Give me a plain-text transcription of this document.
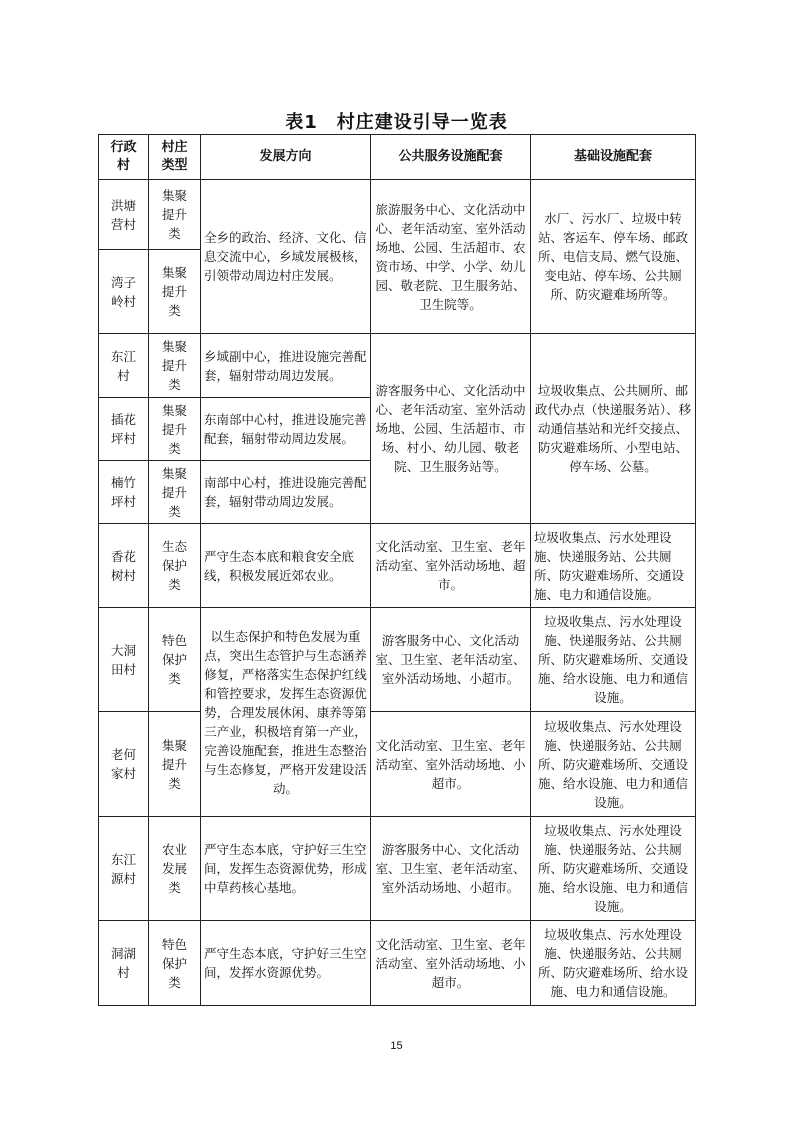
表1　村庄建设引导一览表
行政村	村庄类型	发展方向	公共服务设施配套	基础设施配套
洪塘营村	集聚提升类	全乡的政治、经济、文化、信息交流中心，乡域发展极核，引领带动周边村庄发展。	旅游服务中心、文化活动中心、老年活动室、室外活动场地、公园、生活超市、农资市场、中学、小学、幼儿园、敬老院、卫生服务站、卫生院等。	水厂、污水厂、垃圾中转站、客运车、停车场、邮政所、电信支局、燃气设施、变电站、停车场、公共厕所、防灾避难场所等。
湾子岭村	集聚提升类			
东江村	集聚提升类	乡域副中心，推进设施完善配套，辐射带动周边发展。	游客服务中心、文化活动中心、老年活动室、室外活动场地、公园、生活超市、市场、村小、幼儿园、敬老院、卫生服务站等。	垃圾收集点、公共厕所、邮政代办点（快递服务站）、移动通信基站和光纤交接点、防灾避难场所、小型电站、停车场、公墓。
插花坪村	集聚提升类	东南部中心村，推进设施完善配套，辐射带动周边发展。		
楠竹坪村	集聚提升类	南部中心村，推进设施完善配套，辐射带动周边发展。		
香花树村	生态保护类	严守生态本底和粮食安全底线，积极发展近郊农业。	文化活动室、卫生室、老年活动室、室外活动场地、超市。	垃圾收集点、污水处理设施、快递服务站、公共厕所、防灾避难场所、交通设施、电力和通信设施。
大洞田村	特色保护类	以生态保护和特色发展为重点，突出生态管护与生态涵养修复，严格落实生态保护红线和管控要求，发挥生态资源优势，合理发展休闲、康养等第三产业，积极培育第一产业，完善设施配套，推进生态整治与生态修复，严格开发建设活动。	游客服务中心、文化活动室、卫生室、老年活动室、室外活动场地、小超市。	垃圾收集点、污水处理设施、快递服务站、公共厕所、防灾避难场所、交通设施、给水设施、电力和通信设施。
老何家村	集聚提升类		文化活动室、卫生室、老年活动室、室外活动场地、小超市。	垃圾收集点、污水处理设施、快递服务站、公共厕所、防灾避难场所、交通设施、给水设施、电力和通信设施。
东江源村	农业发展类	严守生态本底，守护好三生空间，发挥生态资源优势，形成中草药核心基地。	游客服务中心、文化活动室、卫生室、老年活动室、室外活动场地、小超市。	垃圾收集点、污水处理设施、快递服务站、公共厕所、防灾避难场所、交通设施、给水设施、电力和通信设施。
洞湖村	特色保护类	严守生态本底，守护好三生空间，发挥水资源优势。	文化活动室、卫生室、老年活动室、室外活动场地、小超市。	垃圾收集点、污水处理设施、快递服务站、公共厕所、防灾避难场所、给水设施、电力和通信设施。
15
